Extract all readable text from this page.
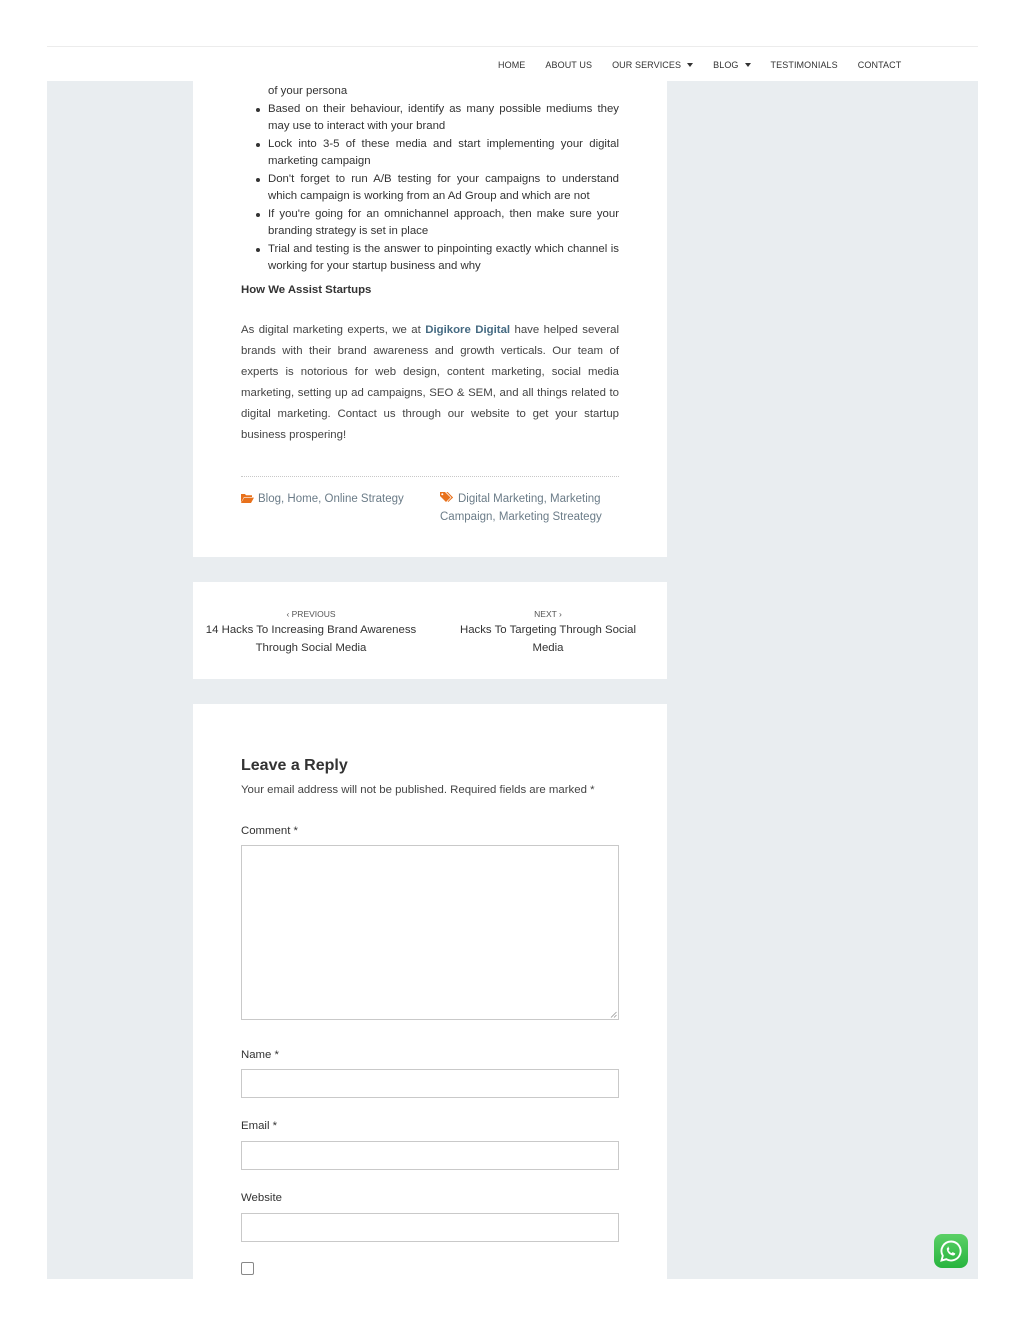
HOME ABOUT US OUR SERVICES	BLOG	TESTIMONIALS CONTACT
of your persona
Based on their behaviour, identify as many possible mediums they may use to interact with your brand
Lock into 3-5 of these media and start implementing your digital marketing campaign
Don't forget to run A/B testing for your campaigns to understand which campaign is working from an Ad Group and which are not
If you're going for an omnichannel approach, then make sure your branding strategy is set in place
Trial and testing is the answer to pinpointing exactly which channel is working for your startup business and why
How We Assist Startups

As digital marketing experts, we at Digikore Digital have helped several brands with their brand awareness and growth verticals. Our team of experts is notorious for web design, content marketing, social media marketing, setting up ad campaigns, SEO & SEM, and all things related to digital marketing. Contact us through our website to get your startup business prospering!

Blog, Home, Online Strategy	Digital Marketing, Marketing Campaign, Marketing Streategy
‹ PREVIOUS
14 Hacks To Increasing Brand Awareness Through Social Media
NEXT ›
Hacks To Targeting Through Social Media
Leave a Reply

Your email address will not be published. Required fields are marked *

Comment *
Name *
Email *
Website
